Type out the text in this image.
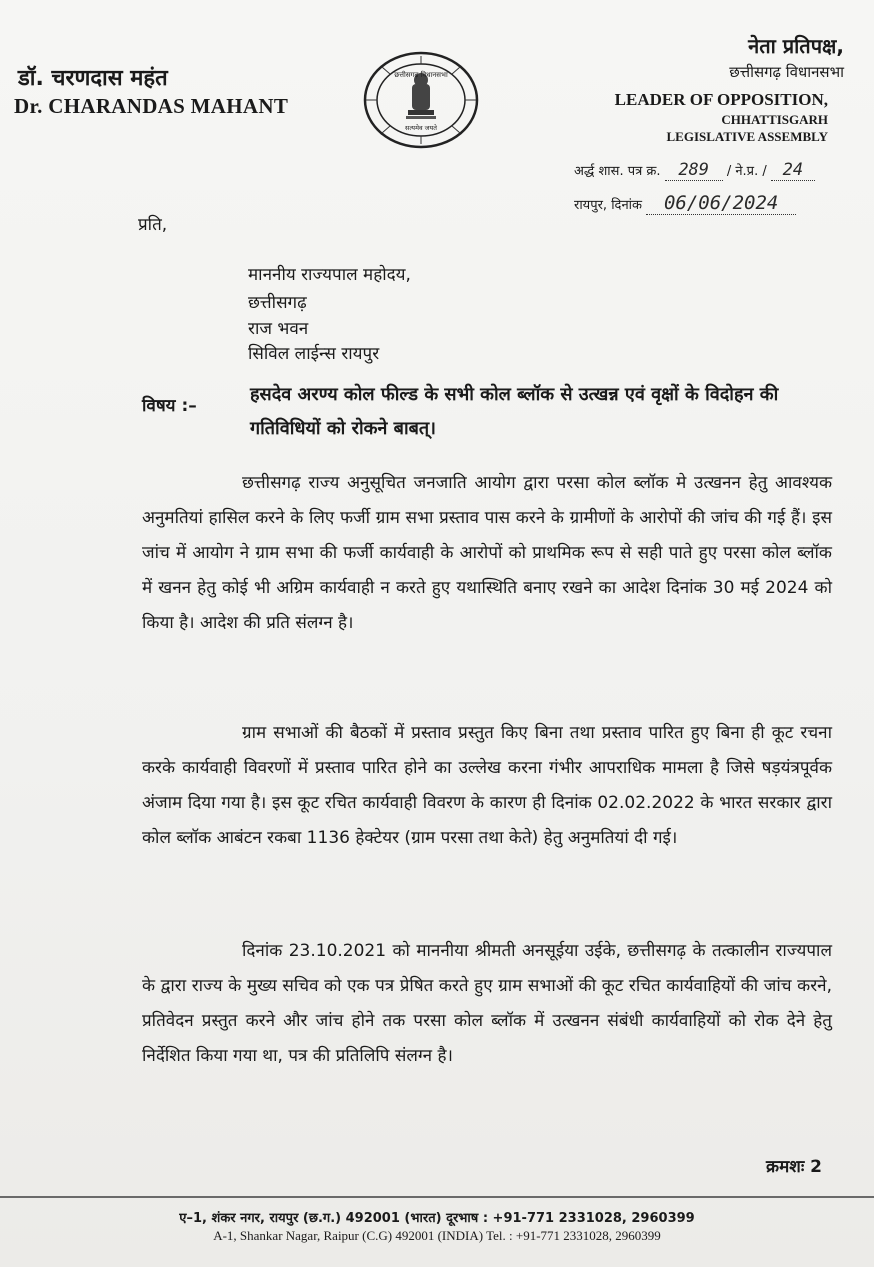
डॉ. चरणदास महंत
Dr. CHARANDAS MAHANT
छत्तीसगढ़ विधानसभा
सत्यमेव जयते
नेता प्रतिपक्ष,
छत्तीसगढ़ विधानसभा
LEADER OF OPPOSITION,
CHHATTISGARH
LEGISLATIVE ASSEMBLY
अर्द्ध शास. पत्र क्र. 289 / ने.प्र. / 24
रायपुर, दिनांक 06/06/2024
प्रति,
माननीय राज्यपाल महोदय,
छत्तीसगढ़
राज भवन
सिविल लाईन्स रायपुर
विषय :–
हसदेव अरण्य कोल फील्ड के सभी कोल ब्लॉक से उत्खन्न एवं वृक्षों के विदोहन की गतिविधियों को रोकने बाबत्।
छत्तीसगढ़ राज्य अनुसूचित जनजाति आयोग द्वारा परसा कोल ब्लॉक मे उत्खनन हेतु आवश्यक अनुमतियां हासिल करने के लिए फर्जी ग्राम सभा प्रस्ताव पास करने के ग्रामीणों के आरोपों की जांच की गई हैं। इस जांच में आयोग ने ग्राम सभा की फर्जी कार्यवाही के आरोपों को प्राथमिक रूप से सही पाते हुए परसा कोल ब्लॉक में खनन हेतु कोई भी अग्रिम कार्यवाही न करते हुए यथास्थिति बनाए रखने का आदेश दिनांक 30 मई 2024 को किया है। आदेश की प्रति संलग्न है।
ग्राम सभाओं की बैठकों में प्रस्ताव प्रस्तुत किए बिना तथा प्रस्ताव पारित हुए बिना ही कूट रचना करके कार्यवाही विवरणों में प्रस्ताव पारित होने का उल्लेख करना गंभीर आपराधिक मामला है जिसे षड़यंत्रपूर्वक अंजाम दिया गया है। इस कूट रचित कार्यवाही विवरण के कारण ही दिनांक 02.02.2022 के भारत सरकार द्वारा कोल ब्लॉक आबंटन रकबा 1136 हेक्टेयर (ग्राम परसा तथा केते) हेतु अनुमतियां दी गई।
दिनांक 23.10.2021 को माननीया श्रीमती अनसूईया उईके, छत्तीसगढ़ के तत्कालीन राज्यपाल के द्वारा राज्य के मुख्य सचिव को एक पत्र प्रेषित करते हुए ग्राम सभाओं की कूट रचित कार्यवाहियों की जांच करने, प्रतिवेदन प्रस्तुत करने और जांच होने तक परसा कोल ब्लॉक में उत्खनन संबंधी कार्यवाहियों को रोक देने हेतु निर्देशित किया गया था, पत्र की प्रतिलिपि संलग्न है।
क्रमशः 2
ए–1, शंकर नगर, रायपुर (छ.ग.) 492001 (भारत) दूरभाष : +91-771 2331028, 2960399
A-1, Shankar Nagar, Raipur (C.G) 492001 (INDIA) Tel. : +91-771 2331028, 2960399
